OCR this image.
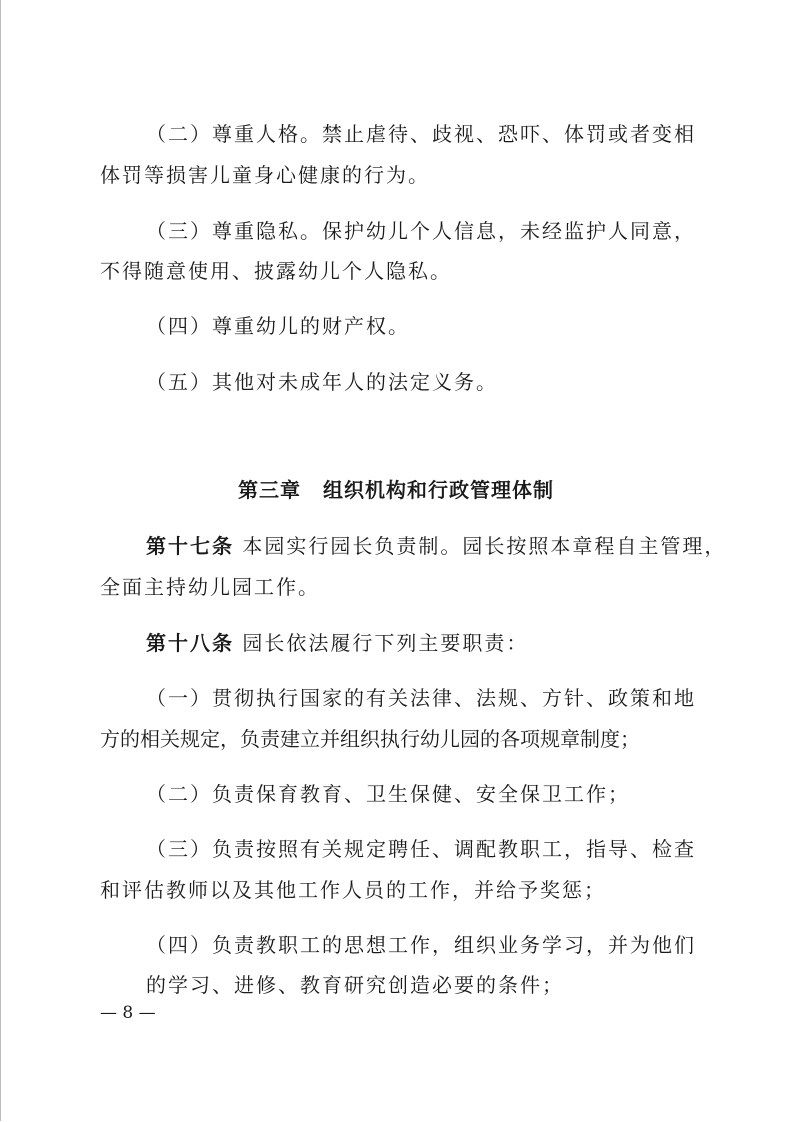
（二）尊重人格。禁止虐待、歧视、恐吓、体罚或者变相
体罚等损害儿童身心健康的行为。
（三）尊重隐私。保护幼儿个人信息，未经监护人同意，
不得随意使用、披露幼儿个人隐私。
（四）尊重幼儿的财产权。
（五）其他对未成年人的法定义务。
第三章 组织机构和行政管理体制
第十七条 本园实行园长负责制。园长按照本章程自主管理，
全面主持幼儿园工作。
第十八条 园长依法履行下列主要职责：
（一）贯彻执行国家的有关法律、法规、方针、政策和地
方的相关规定，负责建立并组织执行幼儿园的各项规章制度；
（二）负责保育教育、卫生保健、安全保卫工作；
（三）负责按照有关规定聘任、调配教职工，指导、检查
和评估教师以及其他工作人员的工作，并给予奖惩；
（四）负责教职工的思想工作，组织业务学习，并为他们
的学习、进修、教育研究创造必要的条件；
— 8 —
